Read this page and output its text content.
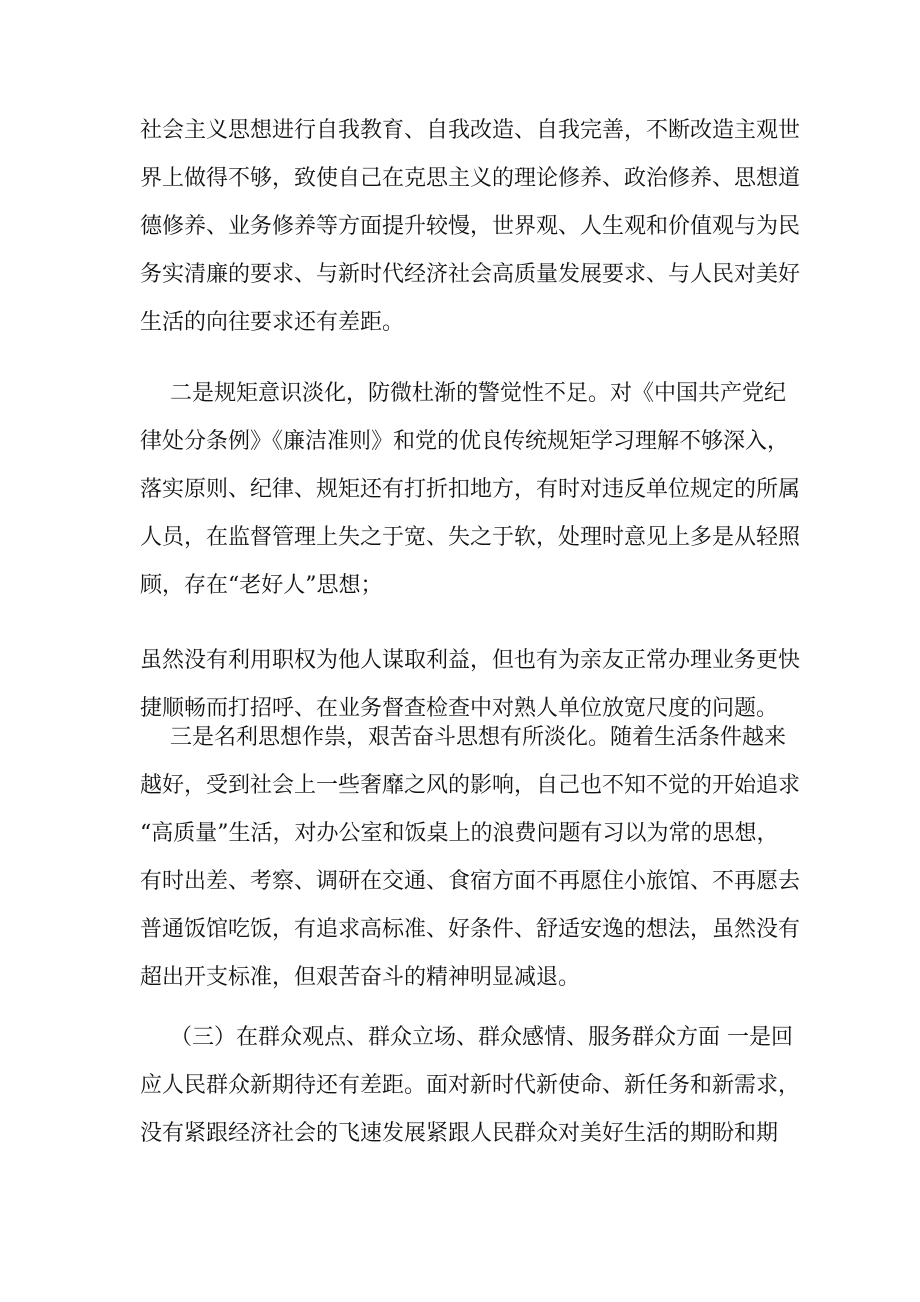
社会主义思想进行自我教育、自我改造、自我完善，不断改造主观世
界上做得不够，致使自己在克思主义的理论修养、政治修养、思想道
德修养、业务修养等方面提升较慢，世界观、人生观和价值观与为民
务实清廉的要求、与新时代经济社会高质量发展要求、与人民对美好
生活的向往要求还有差距。
二是规矩意识淡化，防微杜渐的警觉性不足。对《中国共产党纪
律处分条例》《廉洁准则》和党的优良传统规矩学习理解不够深入，
落实原则、纪律、规矩还有打折扣地方，有时对违反单位规定的所属
人员，在监督管理上失之于宽、失之于软，处理时意见上多是从轻照
顾，存在“老好人”思想；
虽然没有利用职权为他人谋取利益，但也有为亲友正常办理业务更快
捷顺畅而打招呼、在业务督查检查中对熟人单位放宽尺度的问题。
三是名利思想作祟，艰苦奋斗思想有所淡化。随着生活条件越来
越好，受到社会上一些奢靡之风的影响，自己也不知不觉的开始追求
“高质量”生活，对办公室和饭桌上的浪费问题有习以为常的思想，
有时出差、考察、调研在交通、食宿方面不再愿住小旅馆、不再愿去
普通饭馆吃饭，有追求高标准、好条件、舒适安逸的想法，虽然没有
超出开支标准，但艰苦奋斗的精神明显减退。
（三）在群众观点、群众立场、群众感情、服务群众方面 一是回
应人民群众新期待还有差距。面对新时代新使命、新任务和新需求，
没有紧跟经济社会的飞速发展紧跟人民群众对美好生活的期盼和期
